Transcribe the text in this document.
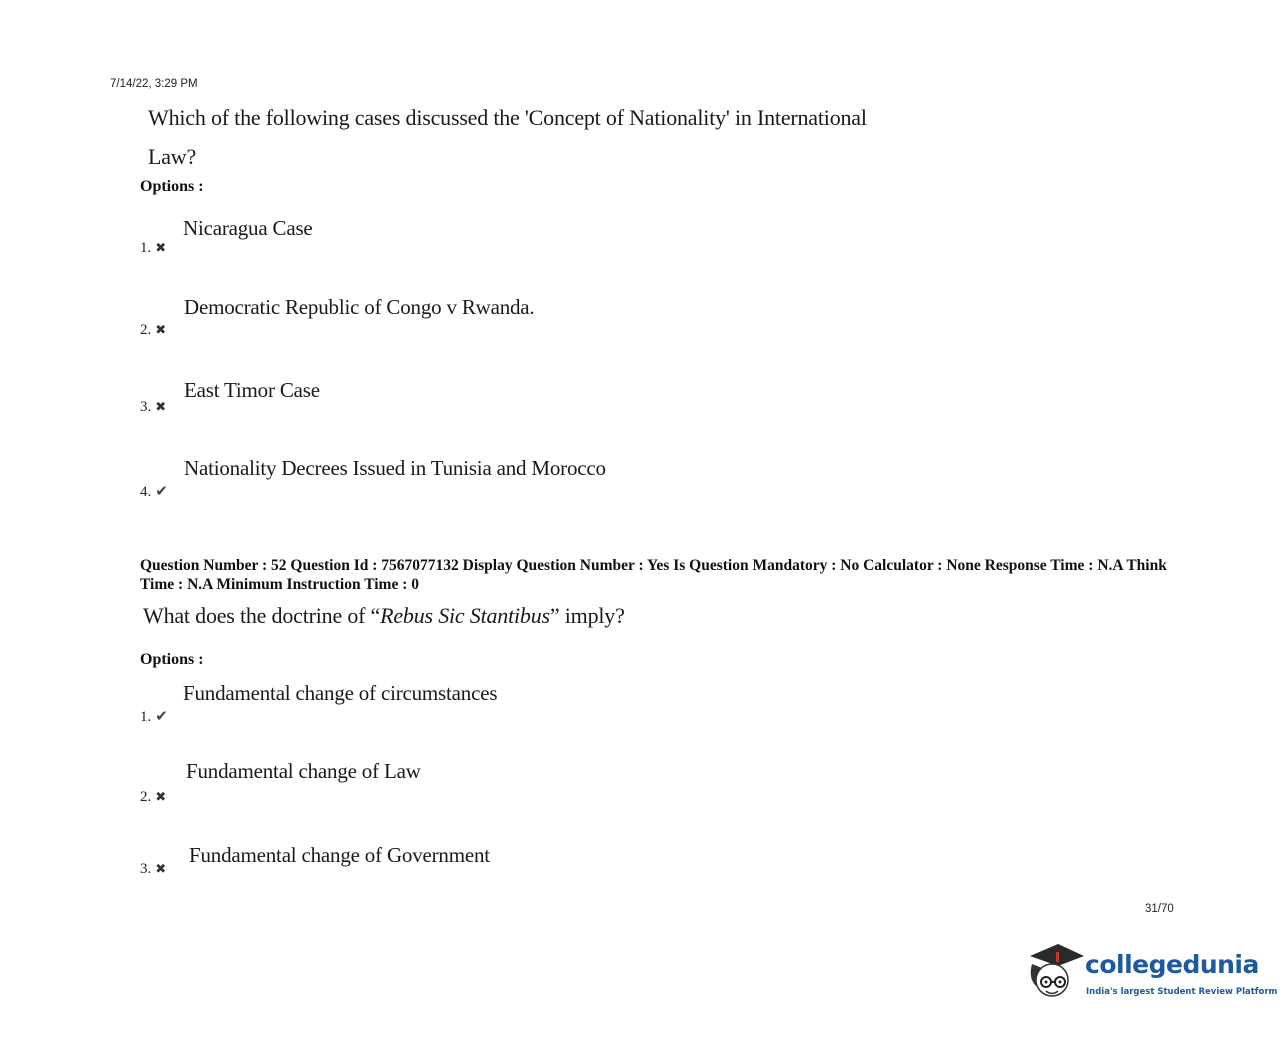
7/14/22, 3:29 PM
Which of the following cases discussed the 'Concept of Nationality' in International
Law?
Options :
Nicaragua Case
1. ✖
Democratic Republic of Congo v Rwanda.
2. ✖
East Timor Case
3. ✖
Nationality Decrees Issued in Tunisia and Morocco
4. ✔
Question Number : 52 Question Id : 7567077132 Display Question Number : Yes Is Question Mandatory : No Calculator : None Response Time : N.A Think Time : N.A Minimum Instruction Time : 0
What does the doctrine of “Rebus Sic Stantibus” imply?
Options :
Fundamental change of circumstances
1. ✔
Fundamental change of Law
2. ✖
Fundamental change of Government
3. ✖
31/70
collegedunia
India's largest Student Review Platform
